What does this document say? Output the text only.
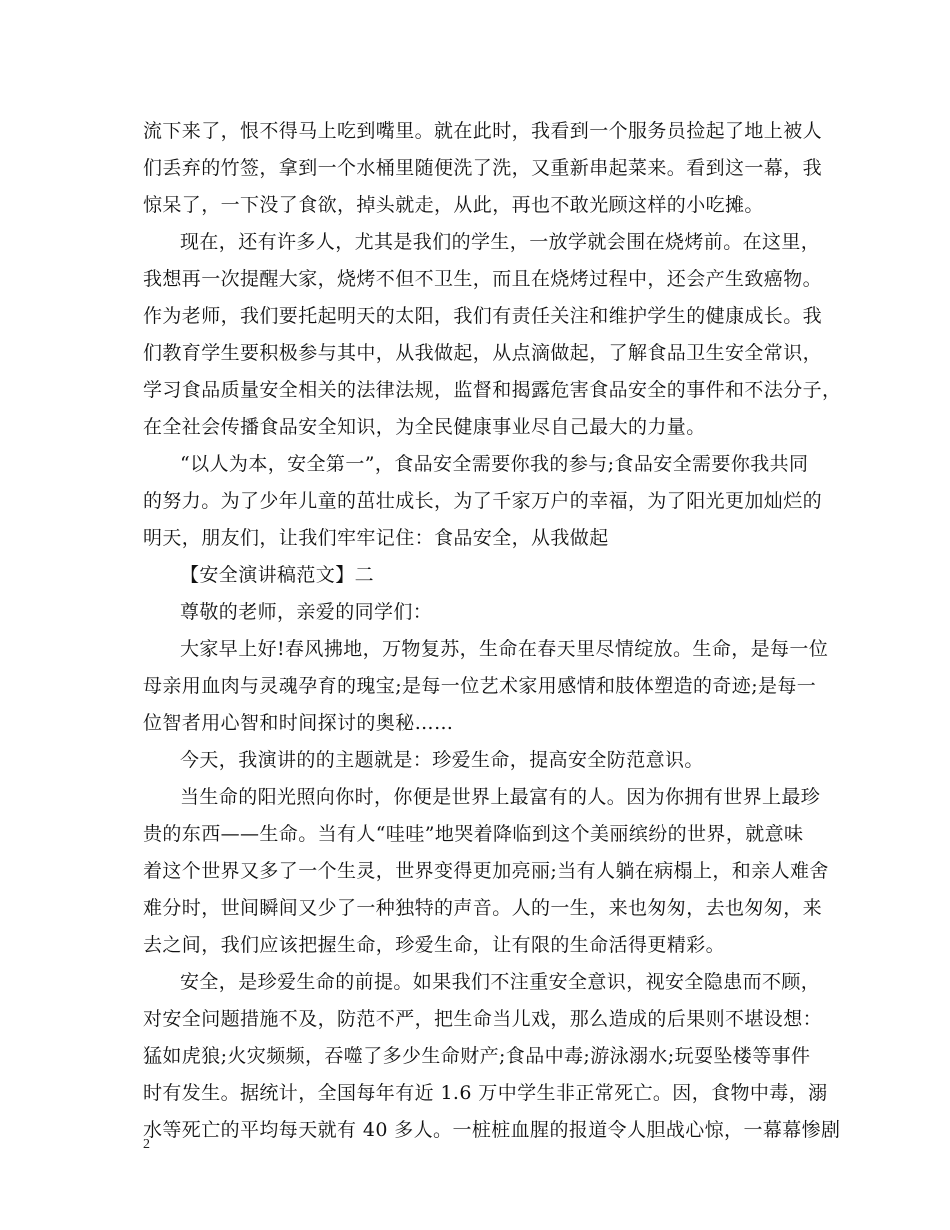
流下来了，恨不得马上吃到嘴里。就在此时，我看到一个服务员捡起了地上被人
们丢弃的竹签，拿到一个水桶里随便洗了洗，又重新串起菜来。看到这一幕，我
惊呆了，一下没了食欲，掉头就走，从此，再也不敢光顾这样的小吃摊。
现在，还有许多人，尤其是我们的学生，一放学就会围在烧烤前。在这里，
我想再一次提醒大家，烧烤不但不卫生，而且在烧烤过程中，还会产生致癌物。
作为老师，我们要托起明天的太阳，我们有责任关注和维护学生的健康成长。我
们教育学生要积极参与其中，从我做起，从点滴做起，了解食品卫生安全常识，
学习食品质量安全相关的法律法规，监督和揭露危害食品安全的事件和不法分子，
在全社会传播食品安全知识，为全民健康事业尽自己最大的力量。
“以人为本，安全第一”，食品安全需要你我的参与;食品安全需要你我共同
的努力。为了少年儿童的茁壮成长，为了千家万户的幸福，为了阳光更加灿烂的
明天，朋友们，让我们牢牢记住：食品安全，从我做起
【安全演讲稿范文】二
尊敬的老师，亲爱的同学们：
大家早上好!春风拂地，万物复苏，生命在春天里尽情绽放。生命，是每一位
母亲用血肉与灵魂孕育的瑰宝;是每一位艺术家用感情和肢体塑造的奇迹;是每一
位智者用心智和时间探讨的奥秘……
今天，我演讲的的主题就是：珍爱生命，提高安全防范意识。
当生命的阳光照向你时，你便是世界上最富有的人。因为你拥有世界上最珍
贵的东西——生命。当有人“哇哇”地哭着降临到这个美丽缤纷的世界，就意味
着这个世界又多了一个生灵，世界变得更加亮丽;当有人躺在病榻上，和亲人难舍
难分时，世间瞬间又少了一种独特的声音。人的一生，来也匆匆，去也匆匆，来
去之间，我们应该把握生命，珍爱生命，让有限的生命活得更精彩。
安全，是珍爱生命的前提。如果我们不注重安全意识，视安全隐患而不顾，
对安全问题措施不及，防范不严，把生命当儿戏，那么造成的后果则不堪设想：
猛如虎狼;火灾频频，吞噬了多少生命财产;食品中毒;游泳溺水;玩耍坠楼等事件
时有发生。据统计，全国每年有近 1.6 万中学生非正常死亡。因，食物中毒，溺
水等死亡的平均每天就有 40 多人。一桩桩血腥的报道令人胆战心惊，一幕幕惨剧
2
